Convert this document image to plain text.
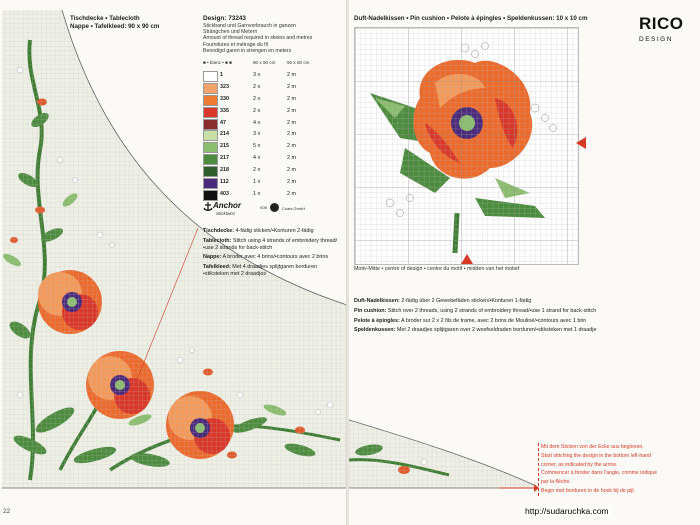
Tischdecke • Tablecloth
Nappe • Tafelkleed: 90 x 90 cm
Design: 73243
Stickband und Garnverbrauch in ganzen
Strängchen und Metern
Amount of thread required in skeins and metres
Fournitures et métrage du fil
Benodigd garen in strengen en meters
■ • blanc • ■ ■	90 x 90 cm	50 x 50 cm
1	3 x	2 m
323	2 x	2 m
330	2 x	2 m
335	2 x	2 m
47	4 x	2 m
214	3 x	2 m
215	5 x	2 m
217	4 x	2 m
218	2 x	2 m
112	1 x	2 m
403	1 x	2 m
Anchor
Sticktwist
von	Coats GmbH

Tischdecke: 4-fädig sticken/•Konturen 2-fädig

Tablecloth: Stitch using 4 strands of embroidery thread/•use 2 strands for back-stitch

Nappe: A broder avec 4 brins/•contours avec 2 brins

Tafelkleed: Met 4 draadjes splijtgaren borduren •stiksteken met 2 draadjes

22
Duft-Nadelkissen • Pin cushion • Pelote à épingles • Speldenkussen: 10 x 10 cm	RICO
DESIGN
Motiv-Mitte • centre of design • centre du motif • midden van het motief

Duft-Nadelkissen: 2-fädig über 2 Gewebefäden sticken/•Konturen 1-fädig

Pin cushion: Stitch over 2 threads, using 2 strands of embroidery thread/•use 1 strand for back-stitch

Pelote à épingles: A broder sur 2 x 2 fils de trame, avec 2 brins de Mouliné/•contours avec 1 brin

Speldenkussen: Met 2 draadjes splijtgaren over 2 weefseldraden borduren/•stiksteken met 1 draadje

Mit dem Sticken von der Ecke aus beginnen.
Start stitching the design in the bottom left-hand
corner, as indicated by the arrow.
Commencer à broder dans l'angle, comme indiqué
par la flèche.
Begin met borduren in de hoek bij de pijl.
http://sudaruchka.com
